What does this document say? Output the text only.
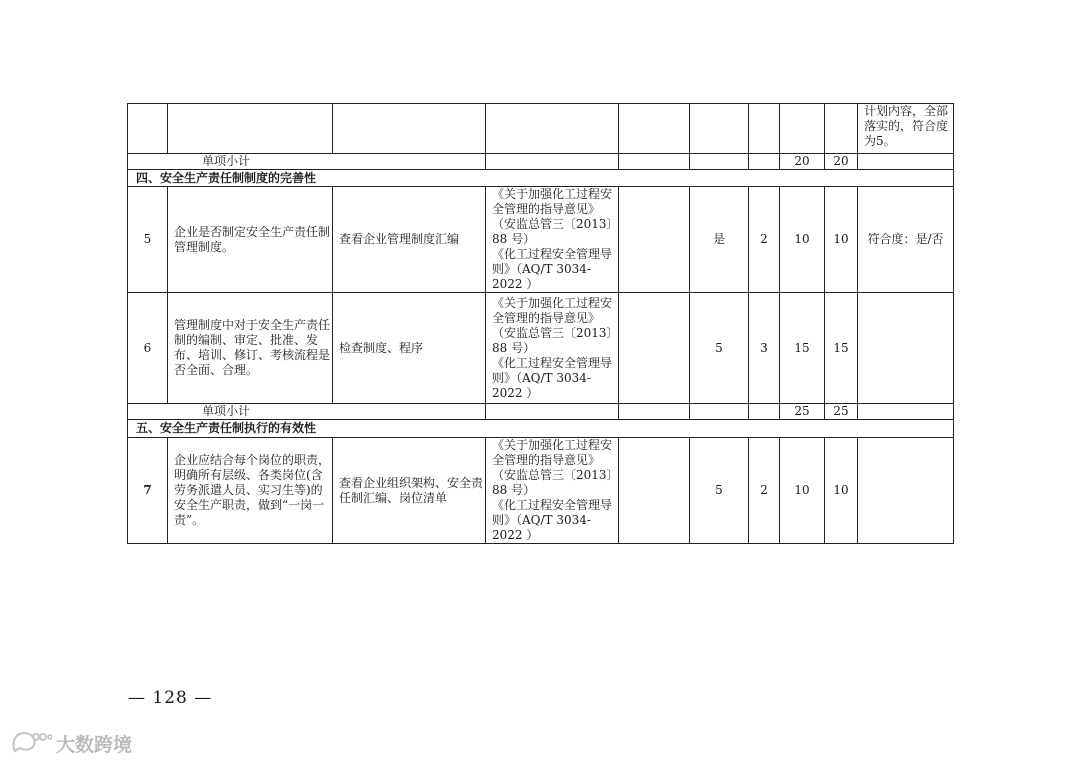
									计划内容，全部落实的，符合度为5。
单项小计							20	20	
四、安全生产责任制制度的完善性									
5	企业是否制定安全生产责任制管理制度。	查看企业管理制度汇编	《关于加强化工过程安全管理的指导意见》（安监总管三〔2013〕88 号）
《化工过程安全管理导则》（AQ/T 3034-2022 ）		是	2	10	10	符合度：是/否
6	管理制度中对于安全生产责任制的编制、审定、批准、发布、培训、修订、考核流程是否全面、合理。	检查制度、程序	《关于加强化工过程安全管理的指导意见》（安监总管三〔2013〕88 号）
《化工过程安全管理导则》（AQ/T 3034-2022 ）		5	3	15	15	
单项小计							25	25	
五、安全生产责任制执行的有效性									
7	企业应结合每个岗位的职责，明确所有层级、各类岗位(含劳务派遣人员、实习生等)的安全生产职责，做到“一岗一责”。	查看企业组织架构、安全责任制汇编、岗位清单	《关于加强化工过程安全管理的指导意见》（安监总管三〔2013〕88 号）
《化工过程安全管理导则》（AQ/T 3034-2022 ）		5	2	10	10	
— 128 —
大数跨境
